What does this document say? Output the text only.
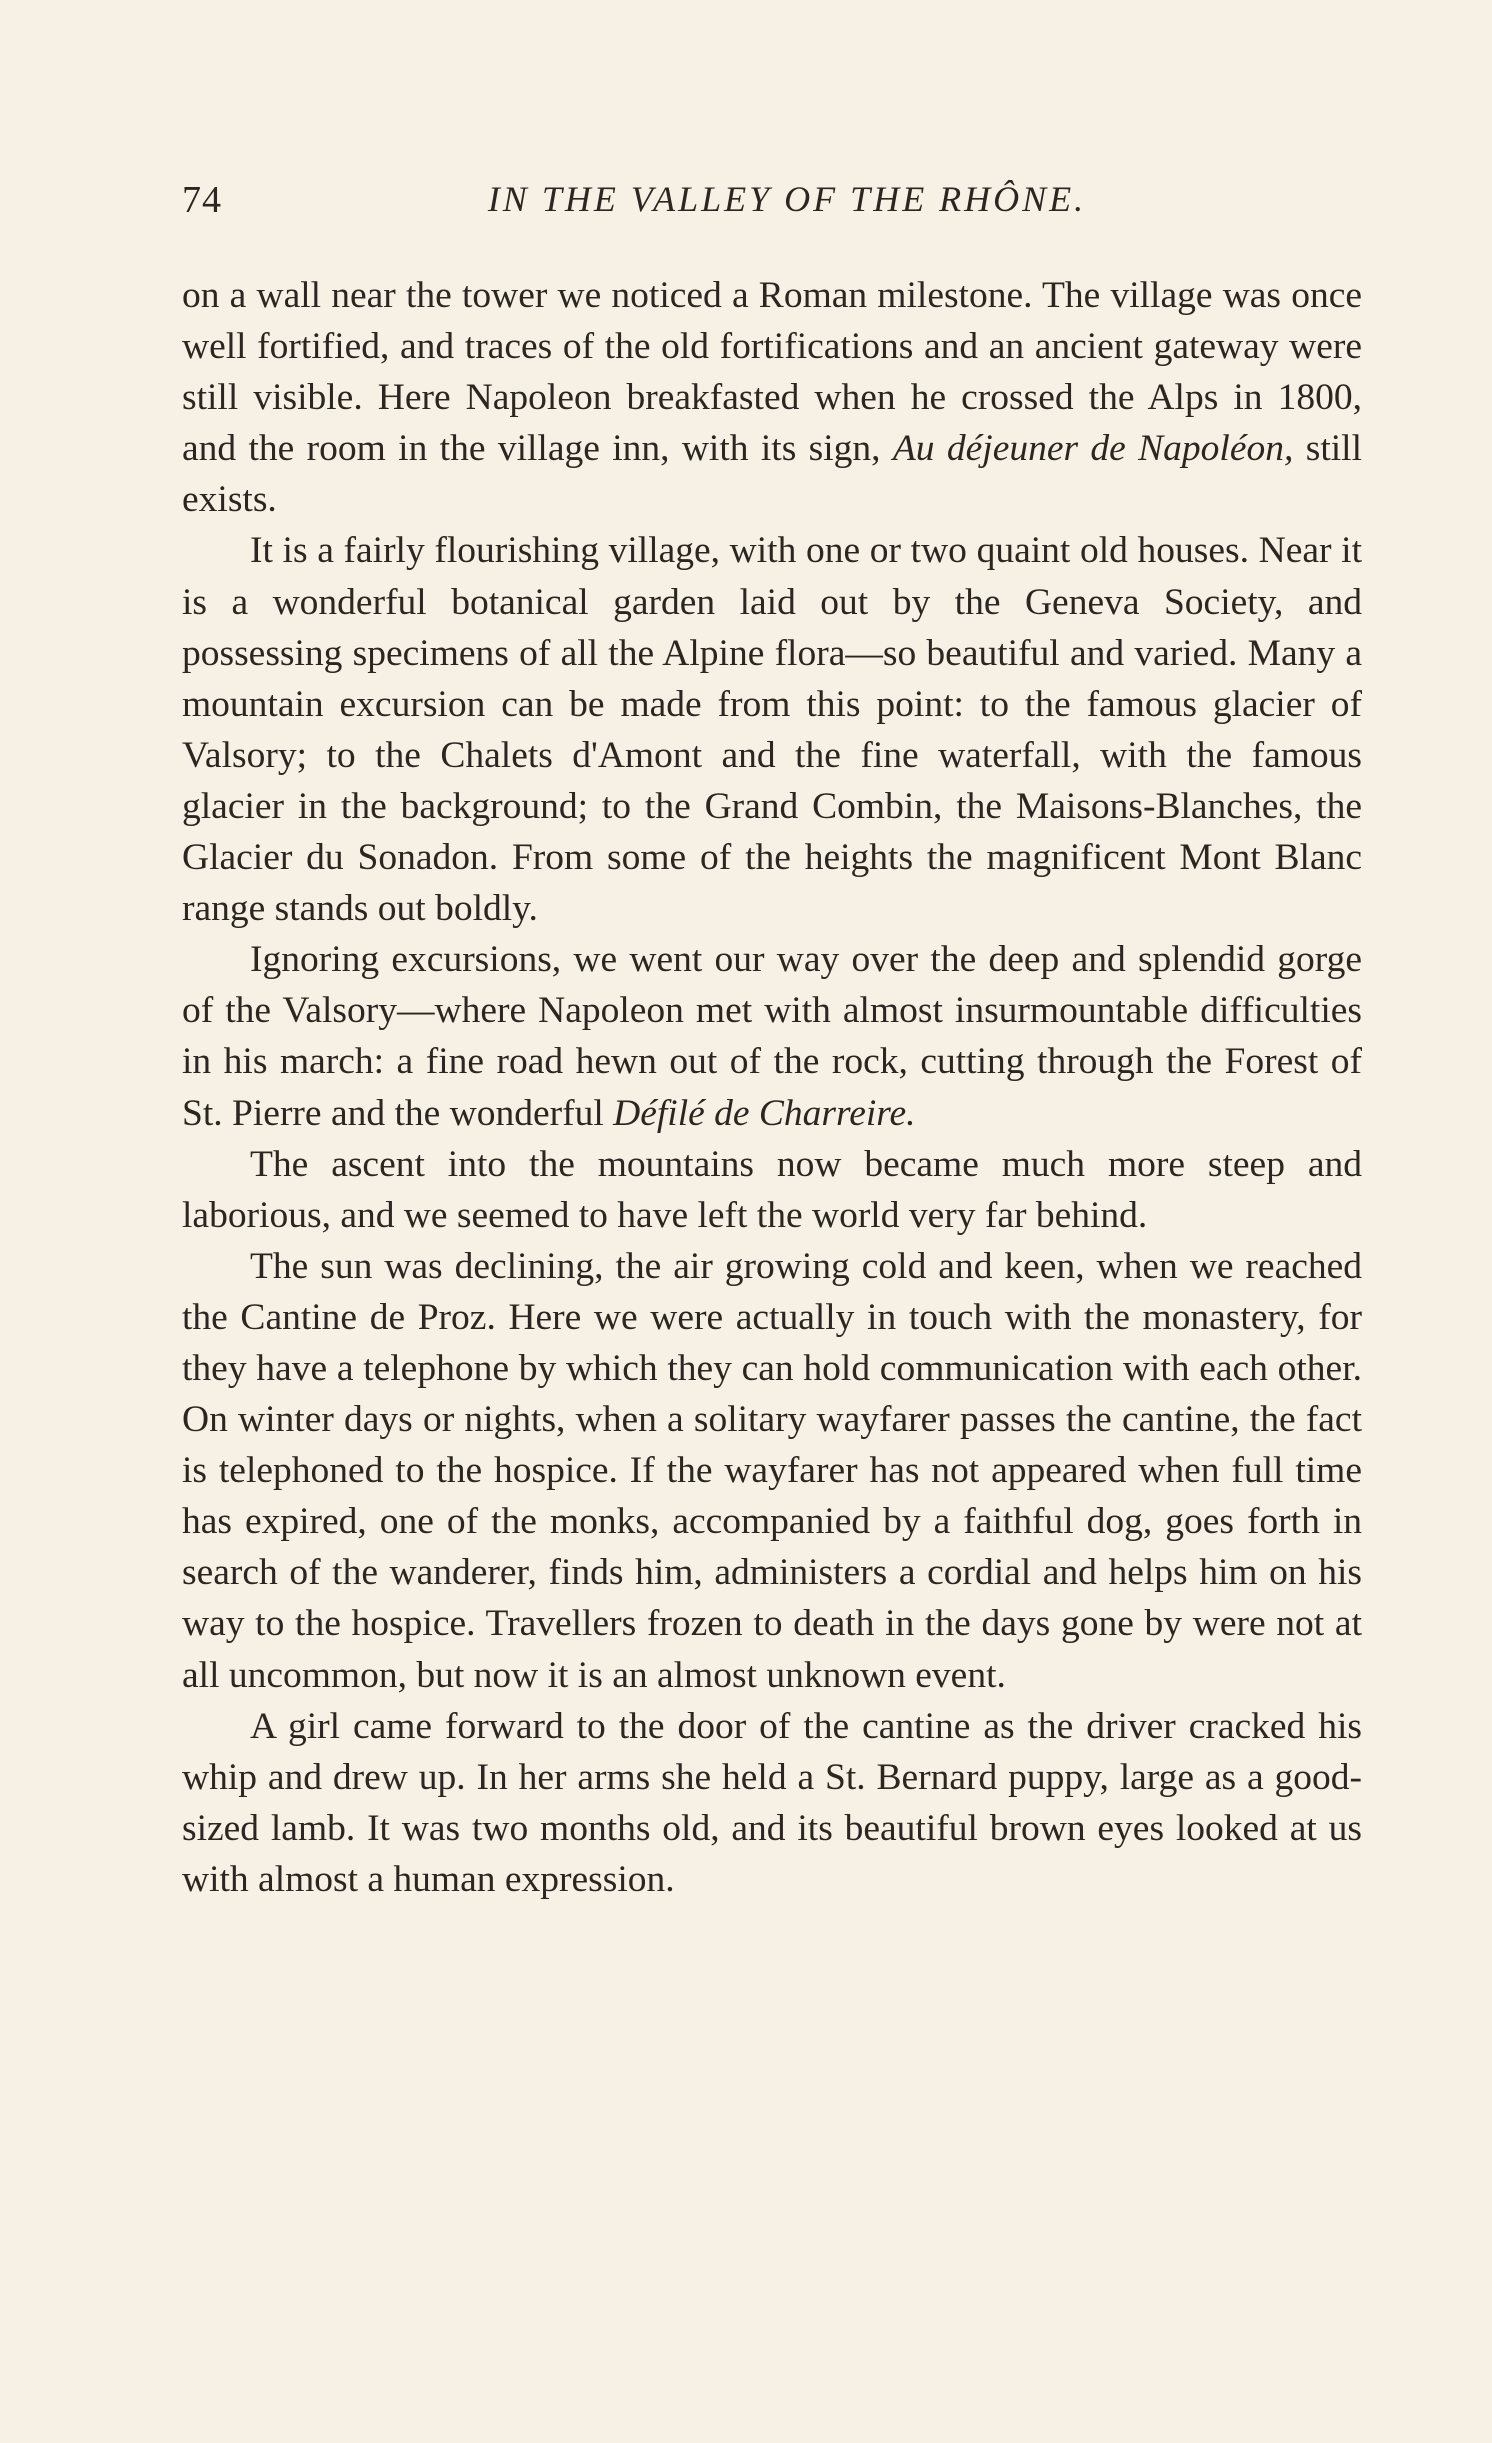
74	IN THE VALLEY OF THE RHÔNE.

on a wall near the tower we noticed a Roman milestone. The village was once well fortified, and traces of the old fortifications and an ancient gateway were still visible. Here Napoleon breakfasted when he crossed the Alps in 1800, and the room in the village inn, with its sign, Au déjeuner de Napoléon, still exists.

It is a fairly flourishing village, with one or two quaint old houses. Near it is a wonderful botanical garden laid out by the Geneva Society, and possessing specimens of all the Alpine flora—so beautiful and varied. Many a mountain excursion can be made from this point: to the famous glacier of Valsory; to the Chalets d'Amont and the fine waterfall, with the famous glacier in the background; to the Grand Combin, the Maisons-Blanches, the Glacier du Sonadon. From some of the heights the magnificent Mont Blanc range stands out boldly.

Ignoring excursions, we went our way over the deep and splendid gorge of the Valsory—where Napoleon met with almost insurmountable difficulties in his march: a fine road hewn out of the rock, cutting through the Forest of St. Pierre and the wonderful Défilé de Charreire.

The ascent into the mountains now became much more steep and laborious, and we seemed to have left the world very far behind.

The sun was declining, the air growing cold and keen, when we reached the Cantine de Proz. Here we were actually in touch with the monastery, for they have a telephone by which they can hold communication with each other. On winter days or nights, when a solitary wayfarer passes the cantine, the fact is telephoned to the hospice. If the wayfarer has not appeared when full time has expired, one of the monks, accompanied by a faithful dog, goes forth in search of the wanderer, finds him, administers a cordial and helps him on his way to the hospice. Travellers frozen to death in the days gone by were not at all uncommon, but now it is an almost unknown event.

A girl came forward to the door of the cantine as the driver cracked his whip and drew up. In her arms she held a St. Bernard puppy, large as a good-sized lamb. It was two months old, and its beautiful brown eyes looked at us with almost a human expression.
